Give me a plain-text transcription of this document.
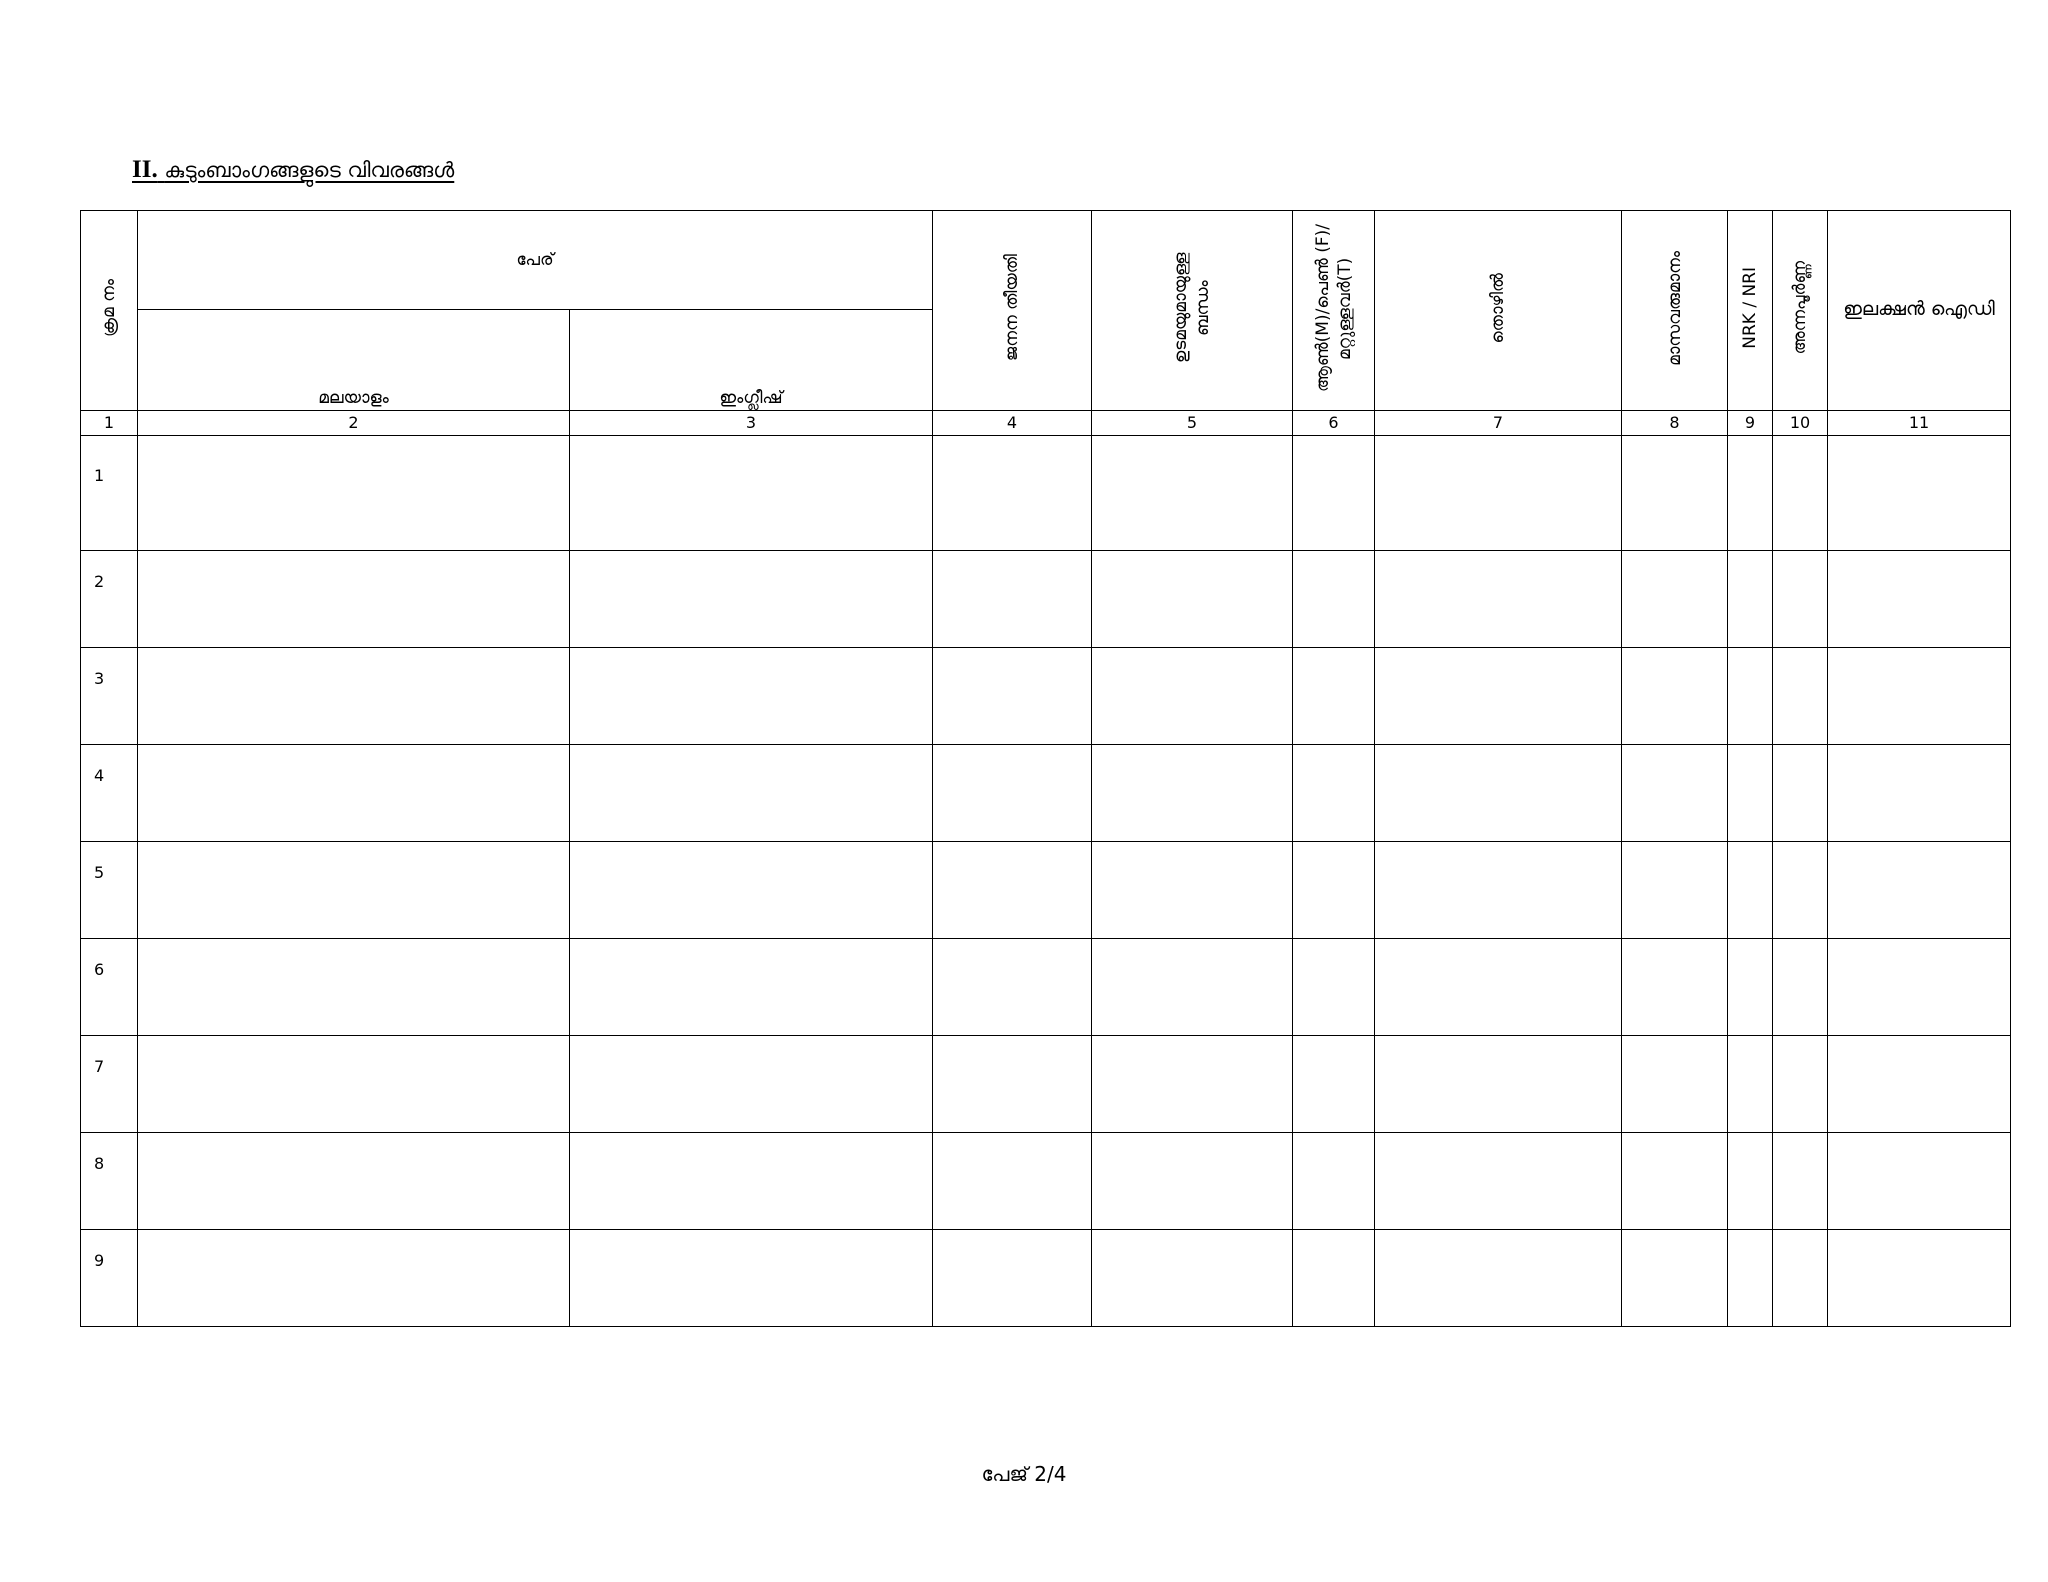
II. കുടുംബാംഗങ്ങളുടെ വിവരങ്ങൾ
ക്രമ നം	പേര്		ജനന തീയതി	ഉടമയുമായുള്ള ബന്ധം	ആൺ(M)/പെൺ (F)/ മറ്റുള്ളവർ(T)	തൊഴിൽ	മാസവരുമാനം	NRK / NRI	അന്നപൂർണ്ണ	ഇലക്ഷൻ ഐഡി
	മലയാളം	ഇംഗ്ലീഷ്								
1	2	3	4	5	6	7	8	9	10	11
1										
2										
3										
4										
5										
6										
7										
8										
9										
പേജ് 2/4
